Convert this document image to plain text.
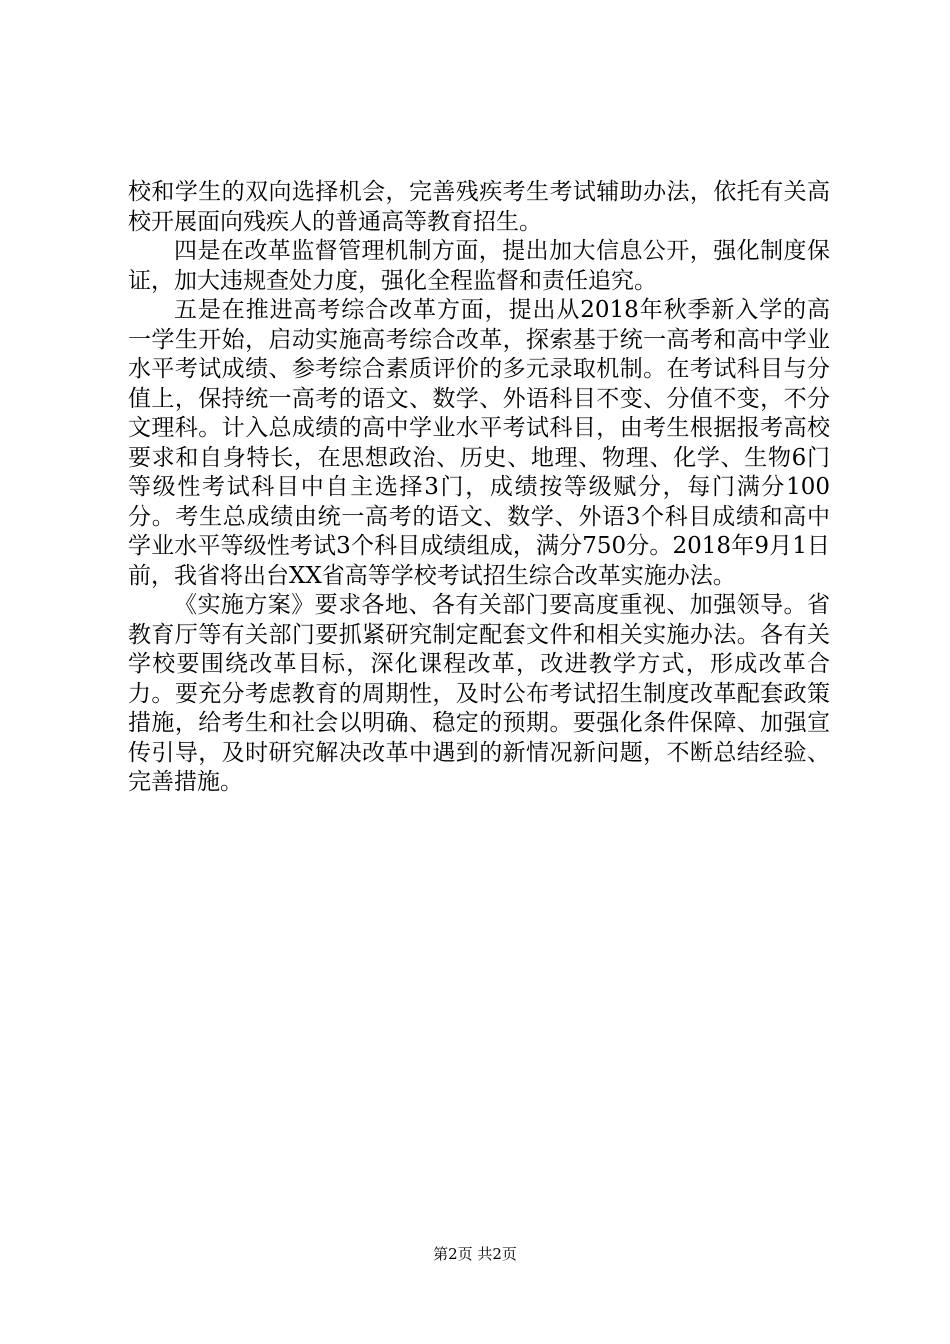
校和学生的双向选择机会，完善残疾考生考试辅助办法，依托有关高校开展面向残疾人的普通高等教育招生。

四是在改革监督管理机制方面，提出加大信息公开，强化制度保证，加大违规查处力度，强化全程监督和责任追究。

五是在推进高考综合改革方面，提出从2018年秋季新入学的高一学生开始，启动实施高考综合改革，探索基于统一高考和高中学业水平考试成绩、参考综合素质评价的多元录取机制。在考试科目与分值上，保持统一高考的语文、数学、外语科目不变、分值不变，不分文理科。计入总成绩的高中学业水平考试科目，由考生根据报考高校要求和自身特长，在思想政治、历史、地理、物理、化学、生物6门等级性考试科目中自主选择3门，成绩按等级赋分，每门满分100分。考生总成绩由统一高考的语文、数学、外语3个科目成绩和高中学业水平等级性考试3个科目成绩组成，满分750分。2018年9月1日前，我省将出台XX省高等学校考试招生综合改革实施办法。

《实施方案》要求各地、各有关部门要高度重视、加强领导。省教育厅等有关部门要抓紧研究制定配套文件和相关实施办法。各有关学校要围绕改革目标，深化课程改革，改进教学方式，形成改革合力。要充分考虑教育的周期性，及时公布考试招生制度改革配套政策措施，给考生和社会以明确、稳定的预期。要强化条件保障、加强宣传引导，及时研究解决改革中遇到的新情况新问题，不断总结经验、完善措施。

第2页 共2页
